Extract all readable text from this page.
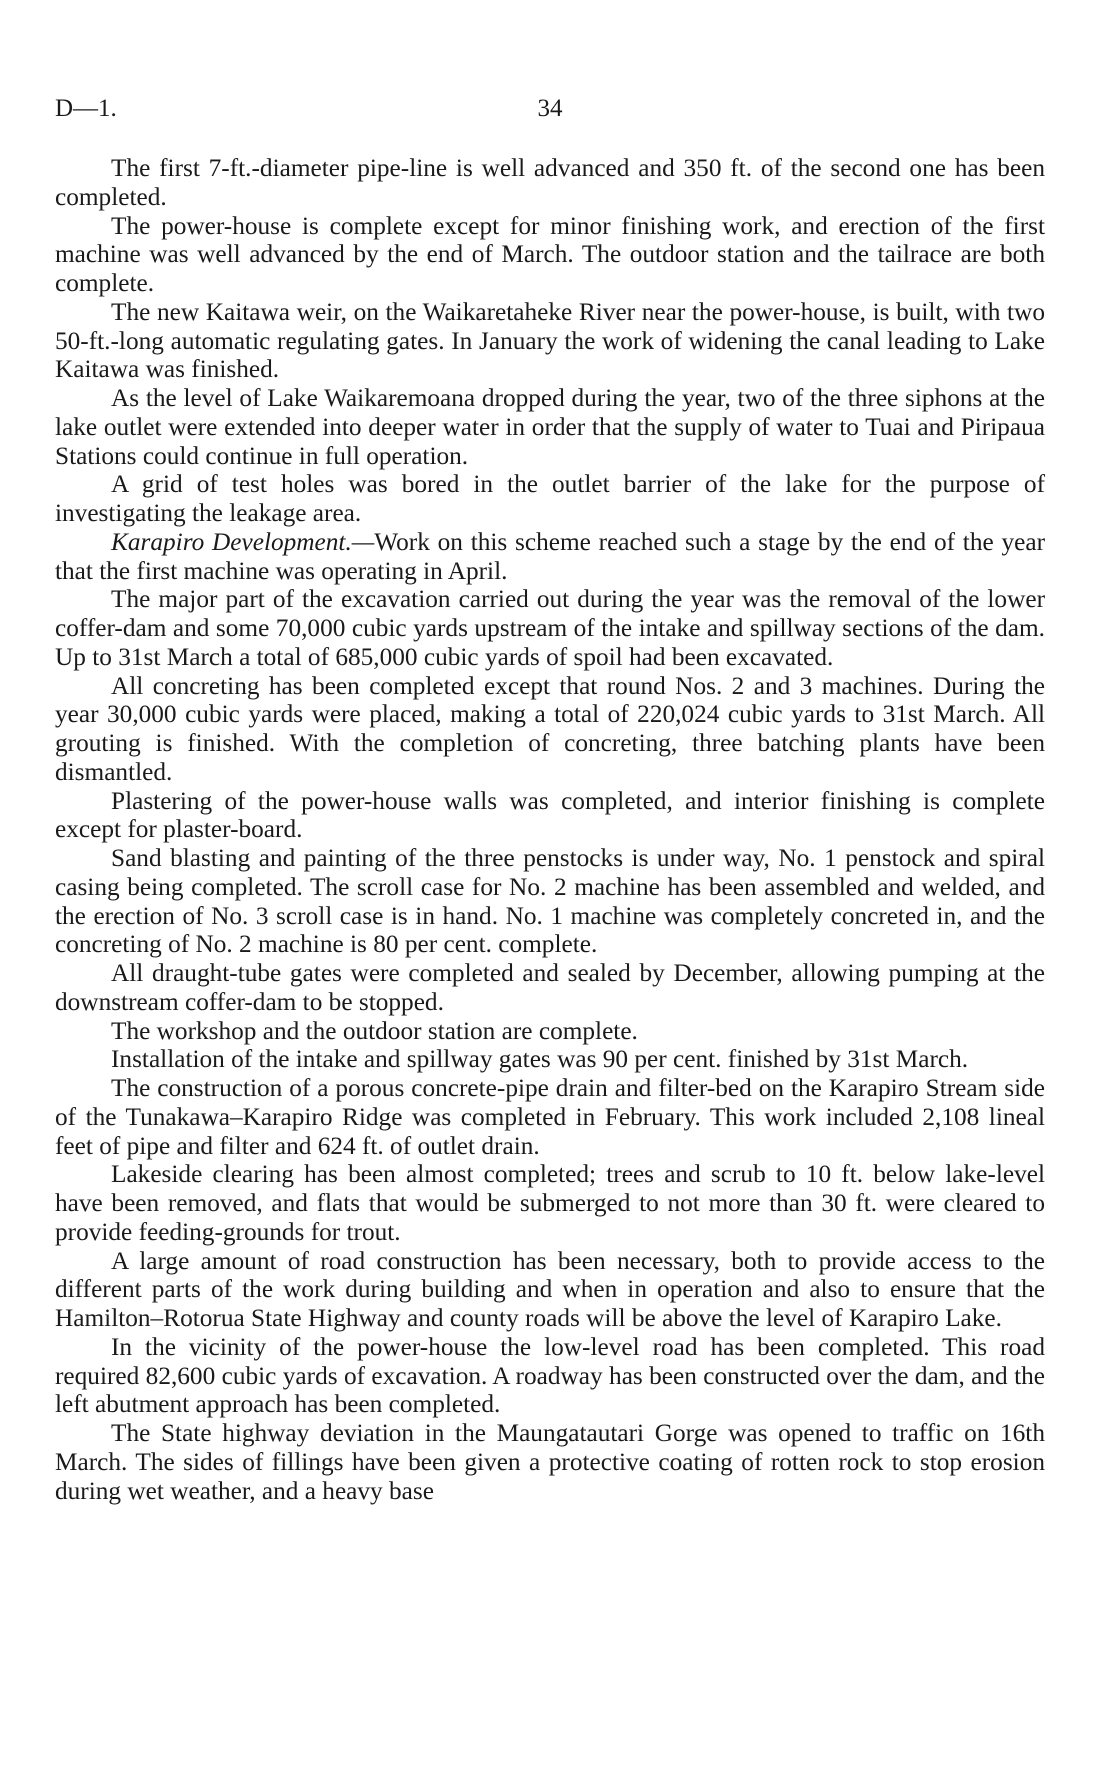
D—1.	34

The first 7-ft.-diameter pipe-line is well advanced and 350 ft. of the second one has been completed.

The power-house is complete except for minor finishing work, and erection of the first machine was well advanced by the end of March. The outdoor station and the tailrace are both complete.

The new Kaitawa weir, on the Waikaretaheke River near the power-house, is built, with two 50-ft.-long automatic regulating gates. In January the work of widening the canal leading to Lake Kaitawa was finished.

As the level of Lake Waikaremoana dropped during the year, two of the three siphons at the lake outlet were extended into deeper water in order that the supply of water to Tuai and Piripaua Stations could continue in full operation.

A grid of test holes was bored in the outlet barrier of the lake for the purpose of investigating the leakage area.

Karapiro Development.—Work on this scheme reached such a stage by the end of the year that the first machine was operating in April.

The major part of the excavation carried out during the year was the removal of the lower coffer-dam and some 70,000 cubic yards upstream of the intake and spillway sections of the dam. Up to 31st March a total of 685,000 cubic yards of spoil had been excavated.

All concreting has been completed except that round Nos. 2 and 3 machines. During the year 30,000 cubic yards were placed, making a total of 220,024 cubic yards to 31st March. All grouting is finished. With the completion of concreting, three batching plants have been dismantled.

Plastering of the power-house walls was completed, and interior finishing is complete except for plaster-board.

Sand blasting and painting of the three penstocks is under way, No. 1 penstock and spiral casing being completed. The scroll case for No. 2 machine has been assembled and welded, and the erection of No. 3 scroll case is in hand. No. 1 machine was completely concreted in, and the concreting of No. 2 machine is 80 per cent. complete.

All draught-tube gates were completed and sealed by December, allowing pumping at the downstream coffer-dam to be stopped.

The workshop and the outdoor station are complete.

Installation of the intake and spillway gates was 90 per cent. finished by 31st March.

The construction of a porous concrete-pipe drain and filter-bed on the Karapiro Stream side of the Tunakawa–Karapiro Ridge was completed in February. This work included 2,108 lineal feet of pipe and filter and 624 ft. of outlet drain.

Lakeside clearing has been almost completed; trees and scrub to 10 ft. below lake-level have been removed, and flats that would be submerged to not more than 30 ft. were cleared to provide feeding-grounds for trout.

A large amount of road construction has been necessary, both to provide access to the different parts of the work during building and when in operation and also to ensure that the Hamilton–Rotorua State Highway and county roads will be above the level of Karapiro Lake.

In the vicinity of the power-house the low-level road has been completed. This road required 82,600 cubic yards of excavation. A roadway has been constructed over the dam, and the left abutment approach has been completed.

The State highway deviation in the Maungatautari Gorge was opened to traffic on 16th March. The sides of fillings have been given a protective coating of rotten rock to stop erosion during wet weather, and a heavy base
